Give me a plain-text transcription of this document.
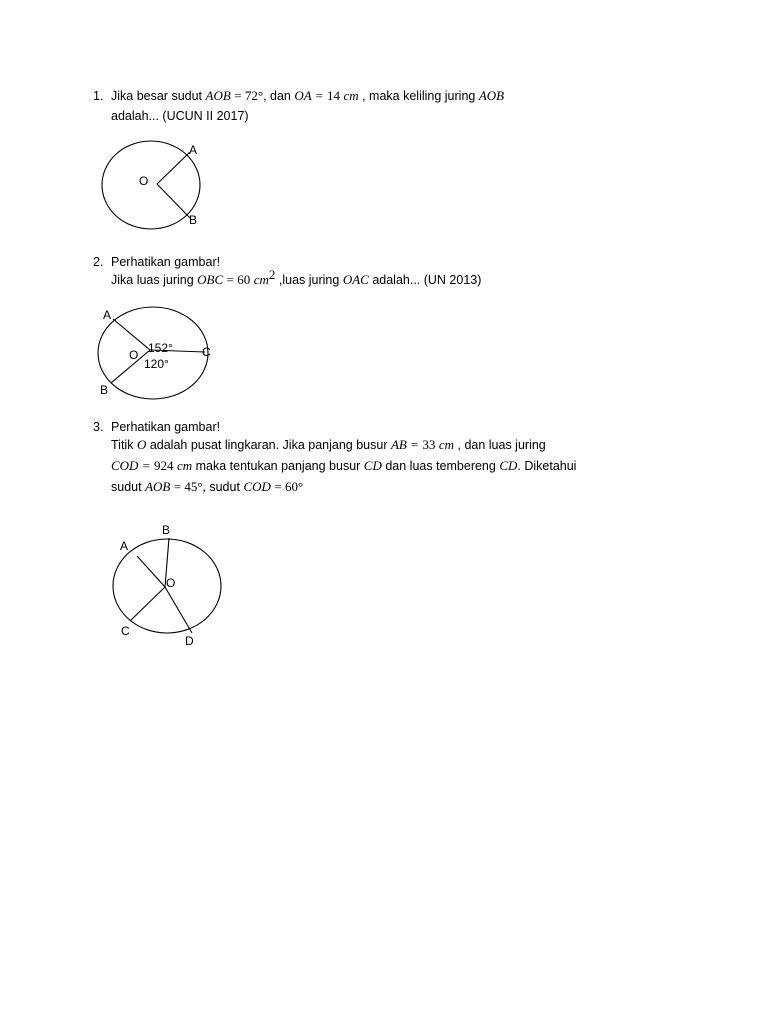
1. Jika besar sudut AOB = 72°, dan OA = 14 cm , maka keliling juring AOB
adalah... (UCUN II 2017)
A
B
O
2. Perhatikan gambar!
Jika luas juring OBC = 60 $cm^2$ ,luas juring OAC adalah... (UN 2013)
A
B
C
O 152°
120°
3. Perhatikan gambar!
Titik O adalah pusat lingkaran. Jika panjang busur AB = 33 cm , dan luas juring
COD = 924 cm maka tentukan panjang busur CD dan luas tembereng CD. Diketahui
sudut AOB = 45°, sudut COD = 60°
A
B
C
D
O
